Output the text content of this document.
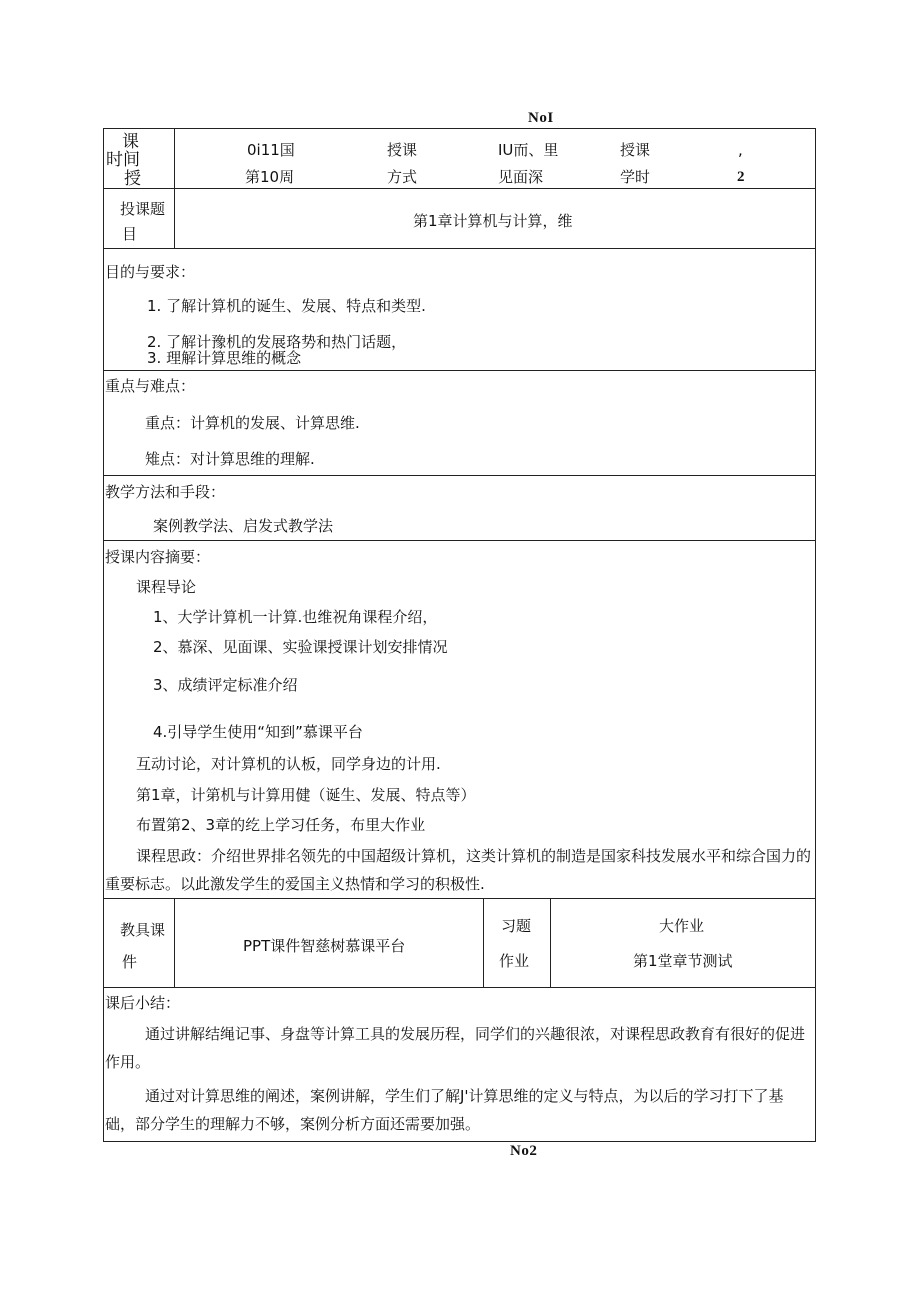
NoI
No2
课
时间
授
0i11国
第10周
授课
方式
IU而、里
见面深
授课
学时
,
2
投课题
目
第1章计算机与计算，维
目的与要求：
1. 了解计算机的诞生、发展、特点和类型.
2. 了解计豫机的发展珞势和热门话题，
3. 理解计算思维的概念
重点与难点：
重点：计算机的发展、计算思维.
雉点：对计算思维的理解.
教学方法和手段：
案例教学法、启发式教学法
授课内容摘要：
课程导论
1、大学计算机一计算.也维祝角课程介绍，
2、慕深、见面课、实验课授课计划安排情况
3、成绩评定标准介绍
4.引导学生使用“知到”慕课平台
互动讨论，对计算机的认板，同学身边的计用.
第1章，计第机与计算用健（诞生、发展、特点等）
布置第2、3章的纥上学习任务，布里大作业
课程思政：介绍世界排名领先的中国超级计算机，这类计算机的制造是国家科技发展水平和综合国力的重要标志。以此激发学生的爱国主义热情和学习的积极性.
教具课
件
PPT课件智慈树慕课平台
习题
作业
大作业
第1堂章节测试
课后小结：
通过讲解结绳记事、身盘等计算工具的发展历程，同学们的兴趣很浓，对课程思政教育有很好的促进作用。
通过对计算思维的阐述，案例讲解，学生们了解J'计算思维的定义与特点，为以后的学习打下了基础，部分学生的理解力不够，案例分析方面还需要加强。
